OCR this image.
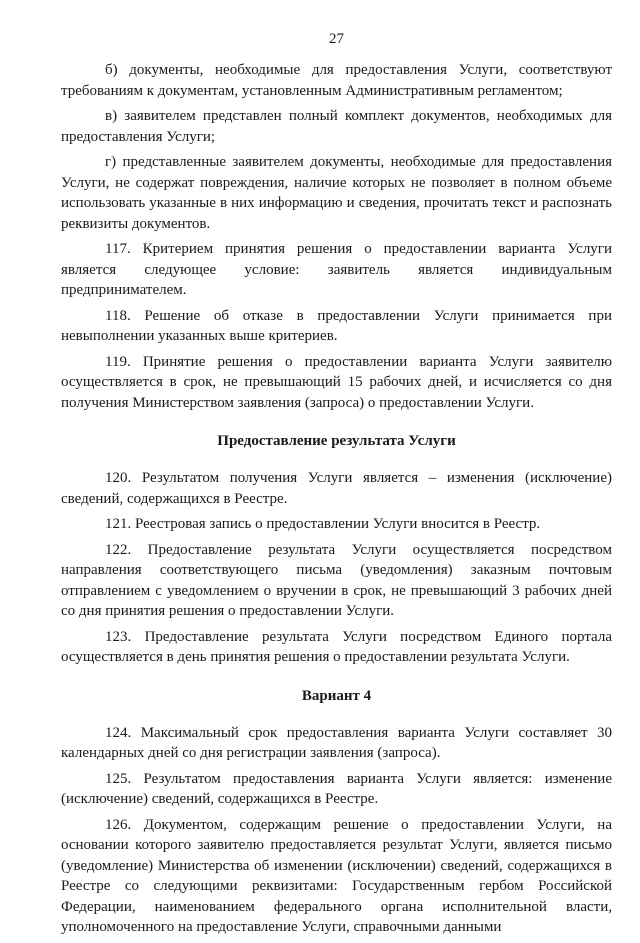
27

б) документы, необходимые для предоставления Услуги, соответствуют требованиям к документам, установленным Административным регламентом;

в) заявителем представлен полный комплект документов, необходимых для предоставления Услуги;

г) представленные заявителем документы, необходимые для предоставления Услуги, не содержат повреждения, наличие которых не позволяет в полном объеме использовать указанные в них информацию и сведения, прочитать текст и распознать реквизиты документов.

117. Критерием принятия решения о предоставлении варианта Услуги является следующее условие: заявитель является индивидуальным предпринимателем.

118. Решение об отказе в предоставлении Услуги принимается при невыполнении указанных выше критериев.

119. Принятие решения о предоставлении варианта Услуги заявителю осуществляется в срок, не превышающий 15 рабочих дней, и исчисляется со дня получения Министерством заявления (запроса) о предоставлении Услуги.

Предоставление результата Услуги

120. Результатом получения Услуги является – изменения (исключение) сведений, содержащихся в Реестре.

121. Реестровая запись о предоставлении Услуги вносится в Реестр.

122. Предоставление результата Услуги осуществляется посредством направления соответствующего письма (уведомления) заказным почтовым отправлением с уведомлением о вручении в срок, не превышающий 3 рабочих дней со дня принятия решения о предоставлении Услуги.

123. Предоставление результата Услуги посредством Единого портала осуществляется в день принятия решения о предоставлении результата Услуги.

Вариант 4

124. Максимальный срок предоставления варианта Услуги составляет 30 календарных дней со дня регистрации заявления (запроса).

125. Результатом предоставления варианта Услуги является: изменение (исключение) сведений, содержащихся в Реестре.

126. Документом, содержащим решение о предоставлении Услуги, на основании которого заявителю предоставляется результат Услуги, является письмо (уведомление) Министерства об изменении (исключении) сведений, содержащихся в Реестре со следующими реквизитами: Государственным гербом Российской Федерации, наименованием федерального органа исполнительной власти, уполномоченного на предоставление Услуги, справочными данными
